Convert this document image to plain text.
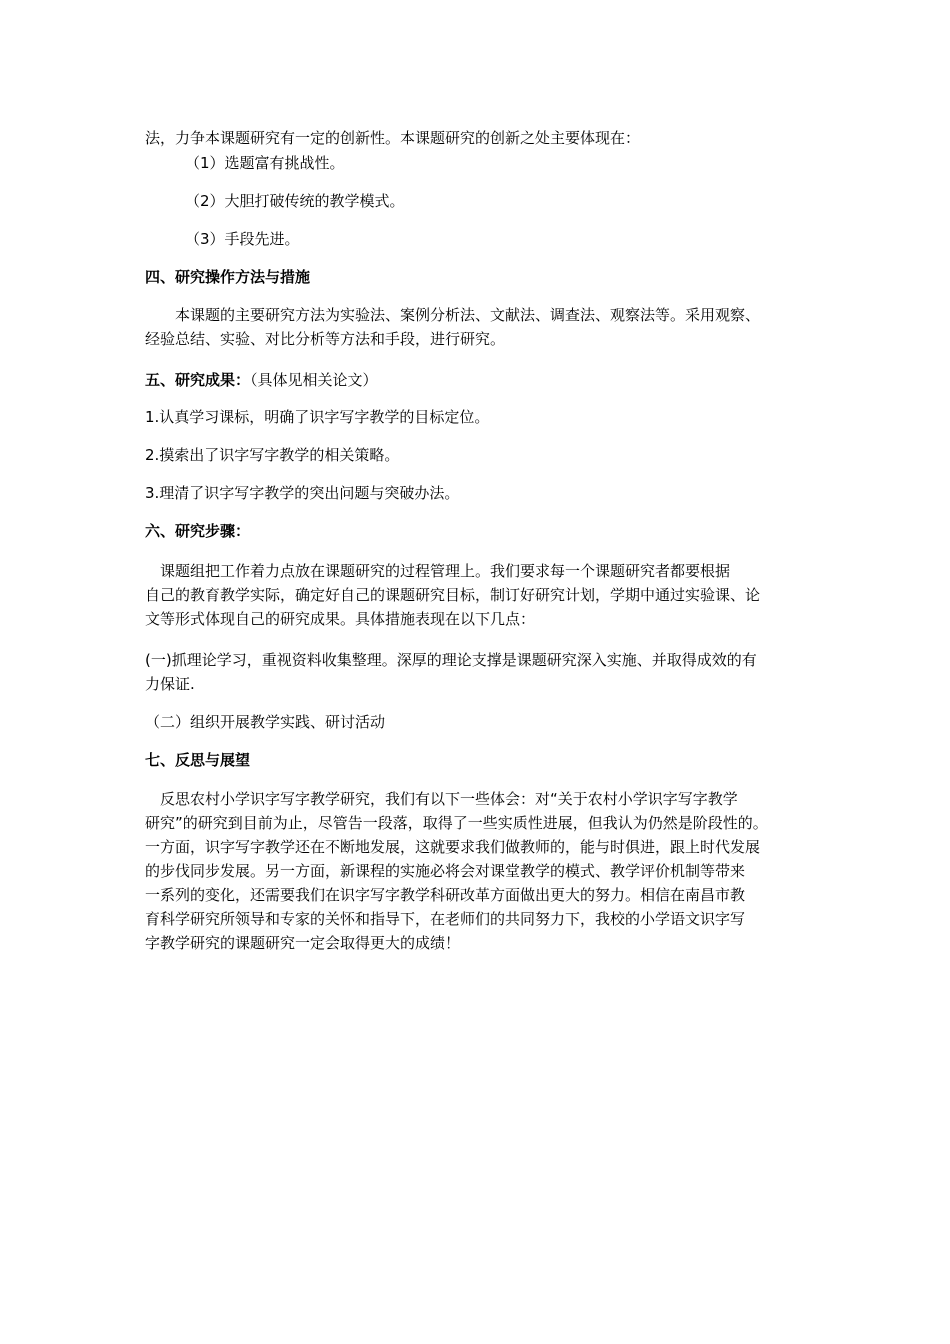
法，力争本课题研究有一定的创新性。本课题研究的创新之处主要体现在：
（1）选题富有挑战性。
（2）大胆打破传统的教学模式。
（3）手段先进。
四、研究操作方法与措施
　　本课题的主要研究方法为实验法、案例分析法、文献法、调查法、观察法等。采用观察、
经验总结、实验、对比分析等方法和手段，进行研究。
五、研究成果：（具体见相关论文）
1.认真学习课标，明确了识字写字教学的目标定位。
2.摸索出了识字写字教学的相关策略。
3.理清了识字写字教学的突出问题与突破办法。
六、研究步骤：
　课题组把工作着力点放在课题研究的过程管理上。我们要求每一个课题研究者都要根据
自己的教育教学实际，确定好自己的课题研究目标，制订好研究计划，学期中通过实验课、论
文等形式体现自己的研究成果。具体措施表现在以下几点：
(一)抓理论学习，重视资料收集整理。深厚的理论支撑是课题研究深入实施、并取得成效的有
力保证.
（二）组织开展教学实践、研讨活动
七、反思与展望
　反思农村小学识字写字教学研究，我们有以下一些体会：对“关于农村小学识字写字教学
研究”的研究到目前为止，尽管告一段落，取得了一些实质性进展，但我认为仍然是阶段性的。
一方面，识字写字教学还在不断地发展，这就要求我们做教师的，能与时俱进，跟上时代发展
的步伐同步发展。另一方面，新课程的实施必将会对课堂教学的模式、教学评价机制等带来
一系列的变化，还需要我们在识字写字教学科研改革方面做出更大的努力。相信在南昌市教
育科学研究所领导和专家的关怀和指导下，在老师们的共同努力下，我校的小学语文识字写
字教学研究的课题研究一定会取得更大的成绩！
